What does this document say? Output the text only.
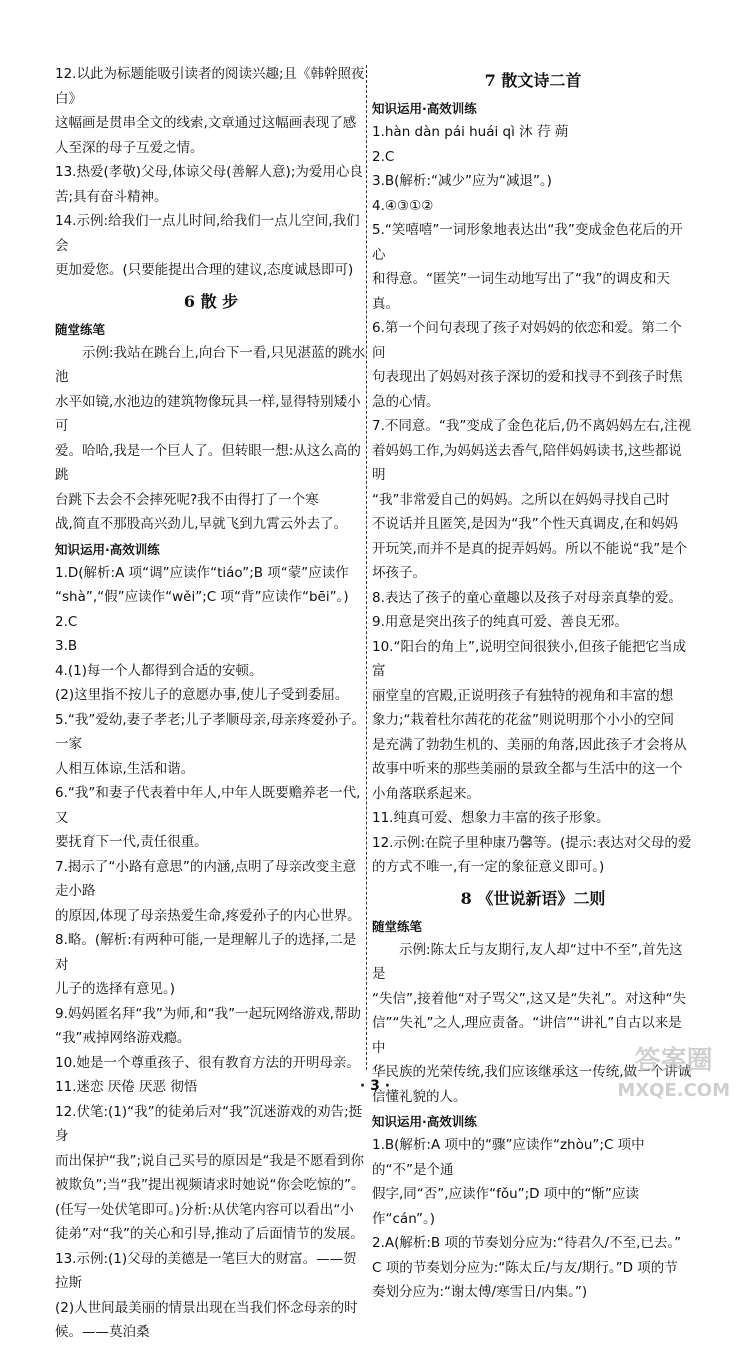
12.以此为标题能吸引读者的阅读兴趣;且《韩幹照夜白》

这幅画是贯串全文的线索,文章通过这幅画表现了感

人至深的母子互爱之情。

13.热爱(孝敬)父母,体谅父母(善解人意);为爱用心良

苦;具有奋斗精神。

14.示例:给我们一点儿时间,给我们一点儿空间,我们会

更加爱您。(只要能提出合理的建议,态度诚恳即可)

6 散 步
随堂练笔

示例:我站在跳台上,向台下一看,只见湛蓝的跳水池

水平如镜,水池边的建筑物像玩具一样,显得特别矮小可

爱。哈哈,我是一个巨人了。但转眼一想:从这么高的跳

台跳下去会不会摔死呢?我不由得打了一个寒

战,简直不那股高兴劲儿,早就飞到九霄云外去了。

知识运用·高效训练

1.D(解析:A 项“调”应读作“tiáo”;B 项“蒙”应读作

“shà”,“假”应读作“wěi”;C 项“背”应读作“bēi”。)

2.C

3.B

4.(1)每一个人都得到合适的安顿。

(2)这里指不按儿子的意愿办事,使儿子受到委屈。

5.“我”爱幼,妻子孝老;儿子孝顺母亲,母亲疼爱孙子。一家

人相互体谅,生活和谐。

6.“我”和妻子代表着中年人,中年人既要赡养老一代,又

要抚育下一代,责任很重。

7.揭示了“小路有意思”的内涵,点明了母亲改变主意走小路

的原因,体现了母亲热爱生命,疼爱孙子的内心世界。

8.略。(解析:有两种可能,一是理解儿子的选择,二是对

儿子的选择有意见。)

9.妈妈匿名拜“我”为师,和“我”一起玩网络游戏,帮助

“我”戒掉网络游戏瘾。

10.她是一个尊重孩子、很有教育方法的开明母亲。

11.迷恋 厌倦 厌恶 彻悟

12.伏笔:(1)“我”的徒弟后对“我”沉迷游戏的劝告;挺身

而出保护“我”;说自己买号的原因是“我是不愿看到你

被欺负”;当“我”提出视频请求时她说“你会吃惊的”。

(任写一处伏笔即可。)分析:从伏笔内容可以看出“小

徒弟”对“我”的关心和引导,推动了后面情节的发展。

13.示例:(1)父母的美德是一笔巨大的财富。——贺拉斯

(2)人世间最美丽的情景出现在当我们怀念母亲的时

候。——莫泊桑

7 散文诗二首
知识运用·高效训练

1.hàn dàn pái huái qì 沐 荇 蒴

2.C

3.B(解析:“减少”应为“减退”。)

4.④③①②

5.“笑嘻嘻”一词形象地表达出“我”变成金色花后的开心

和得意。“匿笑”一词生动地写出了“我”的调皮和天真。

6.第一个问句表现了孩子对妈妈的依恋和爱。第二个问

句表现出了妈妈对孩子深切的爱和找寻不到孩子时焦

急的心情。

7.不同意。“我”变成了金色花后,仍不离妈妈左右,注视

着妈妈工作,为妈妈送去香气,陪伴妈妈读书,这些都说明

“我”非常爱自己的妈妈。之所以在妈妈寻找自己时

不说话并且匿笑,是因为“我”个性天真调皮,在和妈妈

开玩笑,而并不是真的捉弄妈妈。所以不能说“我”是个

坏孩子。

8.表达了孩子的童心童趣以及孩子对母亲真挚的爱。

9.用意是突出孩子的纯真可爱、善良无邪。

10.“阳台的角上”,说明空间很狭小,但孩子能把它当成富

丽堂皇的宫殿,正说明孩子有独特的视角和丰富的想

象力;“栽着杜尔茜花的花盆”则说明那个小小的空间

是充满了勃勃生机的、美丽的角落,因此孩子才会将从

故事中听来的那些美丽的景致全都与生活中的这一个

小角落联系起来。

11.纯真可爱、想象力丰富的孩子形象。

12.示例:在院子里种康乃馨等。(提示:表达对父母的爱

的方式不唯一,有一定的象征意义即可。)

8 《世说新语》二则
随堂练笔

示例:陈太丘与友期行,友人却“过中不至”,首先这是

“失信”,接着他“对子骂父”,这又是“失礼”。对这种“失

信”“失礼”之人,理应责备。“讲信”“讲礼”自古以来是中

华民族的光荣传统,我们应该继承这一传统,做一个讲诚

信懂礼貌的人。

知识运用·高效训练

1.B(解析:A 项中的“骤”应读作“zhòu”;C 项中的“不”是个通

假字,同“否”,应读作“fǒu”;D 项中的“惭”应读作“cán”。)

2.A(解析:B 项的节奏划分应为:“待君久/不至,已去。”

C 项的节奏划分应为:“陈太丘/与友/期行。”D 项的节

奏划分应为:“谢太傅/寒雪日/内集。”)

· 3 ·
答案圈
MXQE.COM
